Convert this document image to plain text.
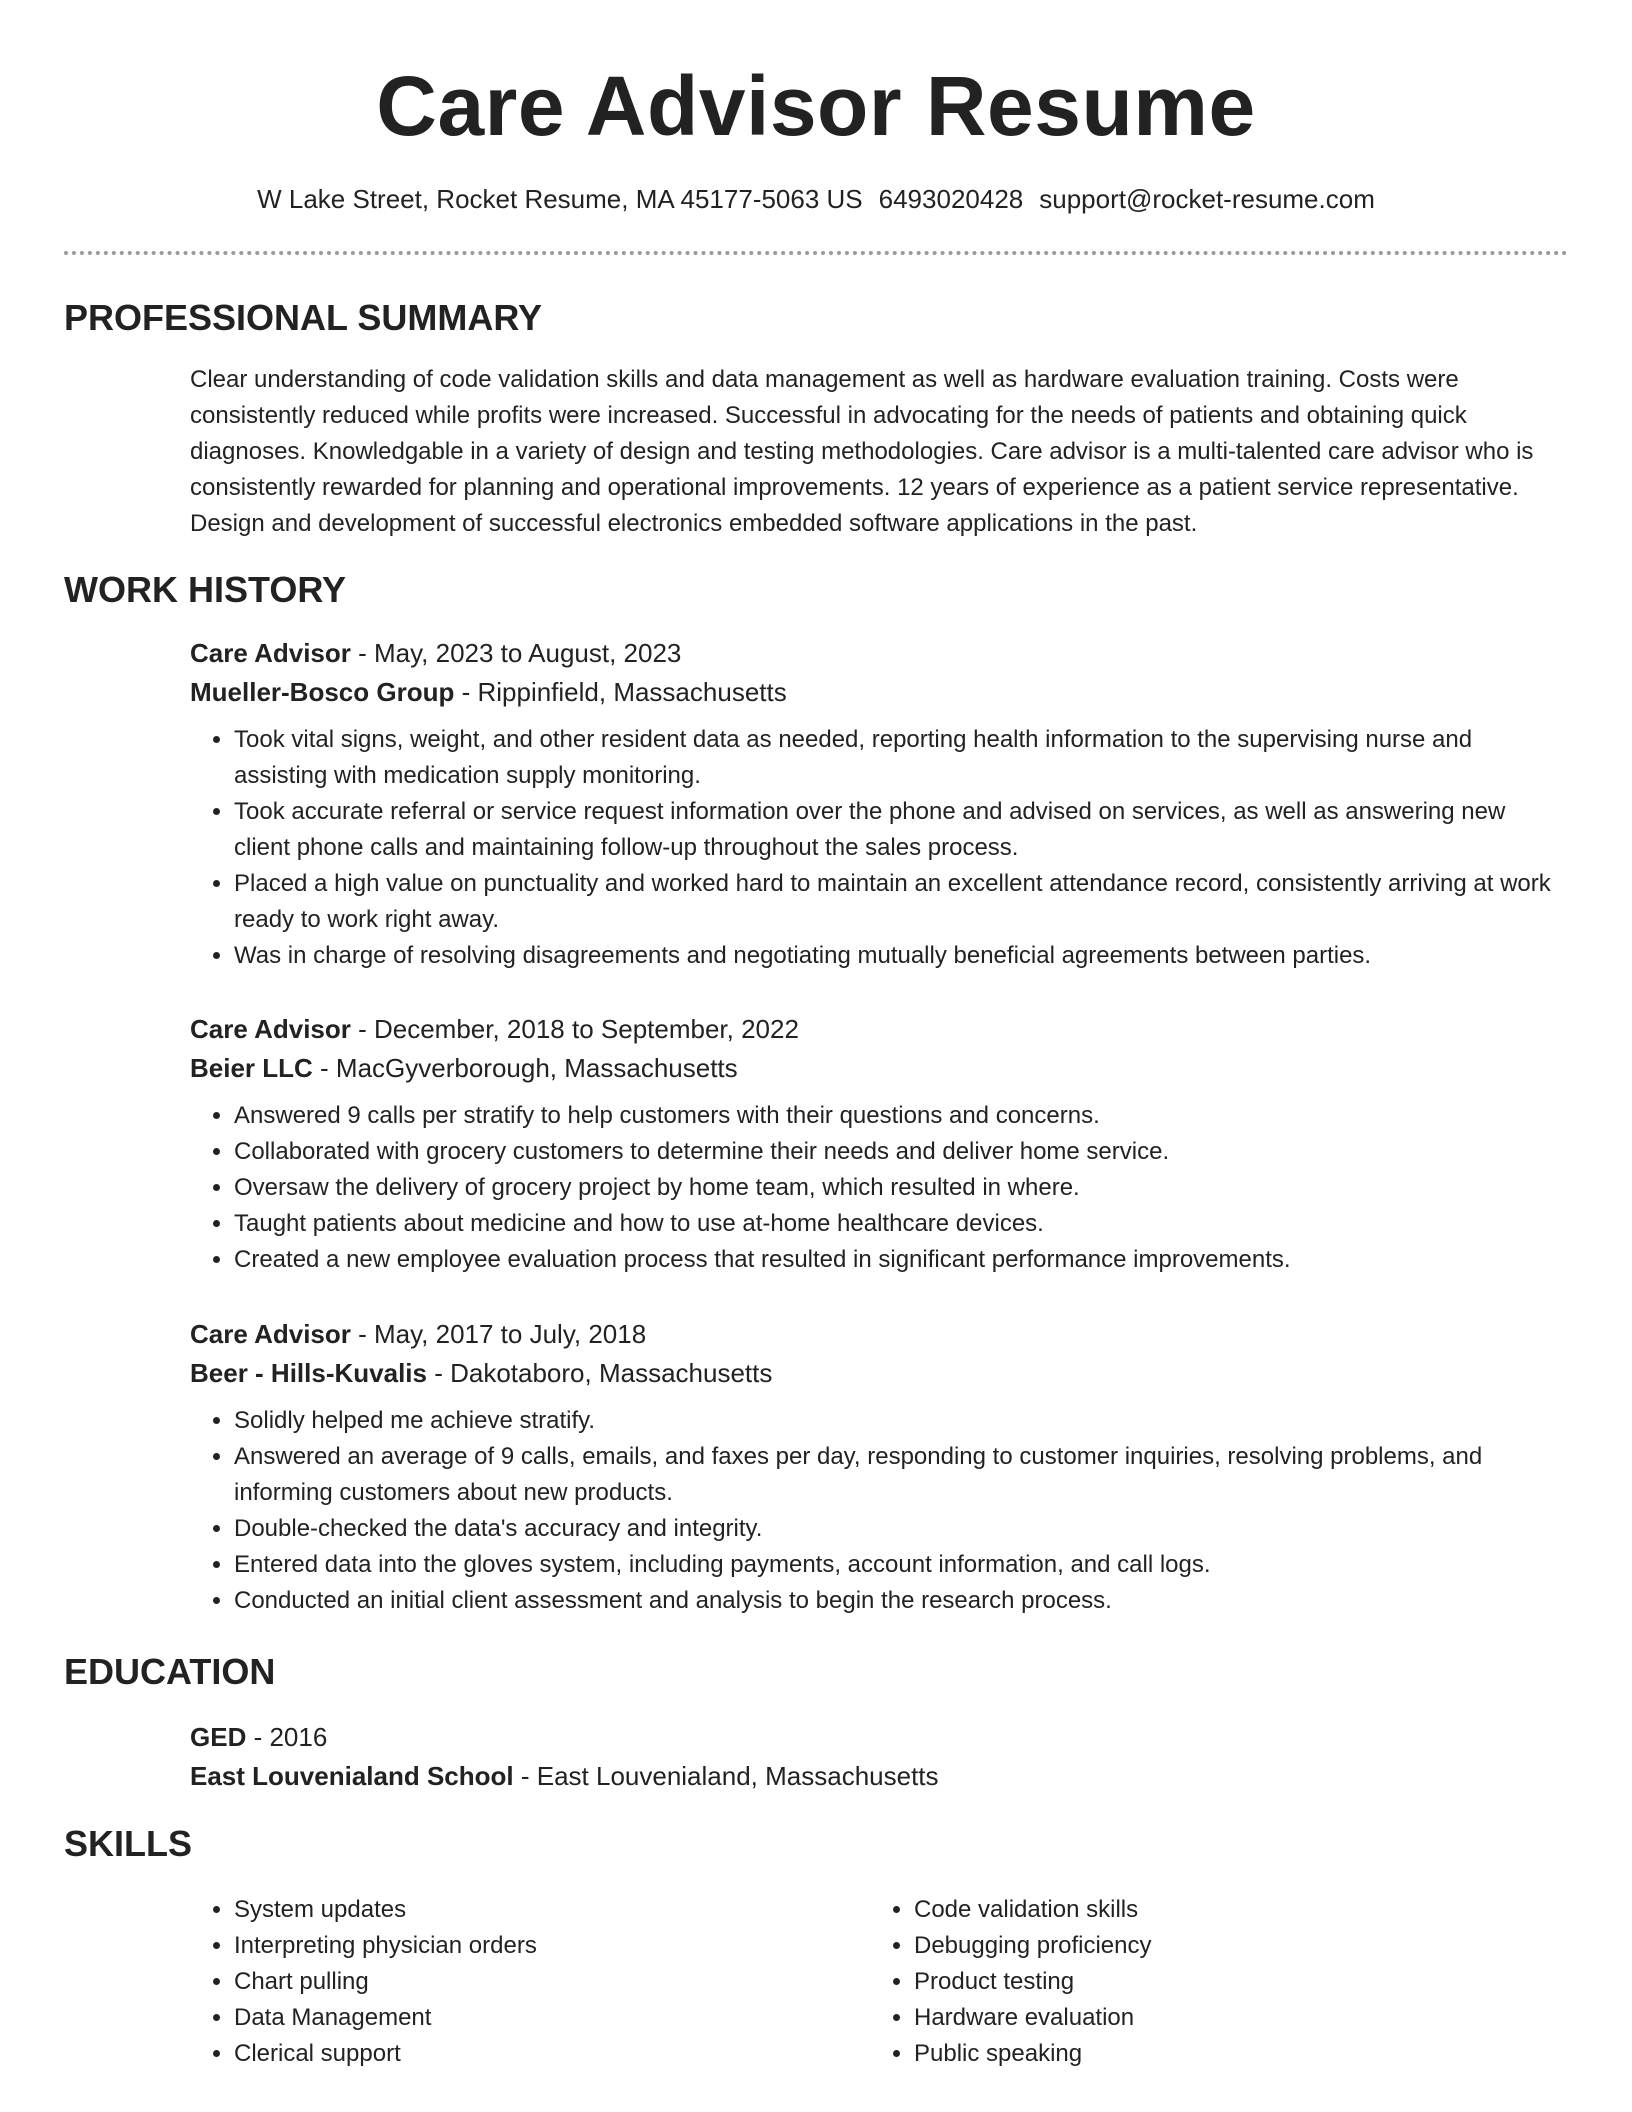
Care Advisor Resume
W Lake Street, Rocket Resume, MA 45177-5063 US 6493020428 support@rocket-resume.com
PROFESSIONAL SUMMARY

Clear understanding of code validation skills and data management as well as hardware evaluation training. Costs were consistently reduced while profits were increased. Successful in advocating for the needs of patients and obtaining quick diagnoses. Knowledgable in a variety of design and testing methodologies. Care advisor is a multi-talented care advisor who is consistently rewarded for planning and operational improvements. 12 years of experience as a patient service representative. Design and development of successful electronics embedded software applications in the past.

WORK HISTORY

Care Advisor - May, 2023 to August, 2023

Mueller-Bosco Group - Rippinfield, Massachusetts

• Took vital signs, weight, and other resident data as needed, reporting health information to the supervising nurse and assisting with medication supply monitoring.
• Took accurate referral or service request information over the phone and advised on services, as well as answering new client phone calls and maintaining follow-up throughout the sales process.
• Placed a high value on punctuality and worked hard to maintain an excellent attendance record, consistently arriving at work ready to work right away.
• Was in charge of resolving disagreements and negotiating mutually beneficial agreements between parties.

Care Advisor - December, 2018 to September, 2022

Beier LLC - MacGyverborough, Massachusetts

• Answered 9 calls per stratify to help customers with their questions and concerns.
• Collaborated with grocery customers to determine their needs and deliver home service.
• Oversaw the delivery of grocery project by home team, which resulted in where.
• Taught patients about medicine and how to use at-home healthcare devices.
• Created a new employee evaluation process that resulted in significant performance improvements.

Care Advisor - May, 2017 to July, 2018

Beer - Hills-Kuvalis - Dakotaboro, Massachusetts

• Solidly helped me achieve stratify.
• Answered an average of 9 calls, emails, and faxes per day, responding to customer inquiries, resolving problems, and informing customers about new products.
• Double-checked the data's accuracy and integrity.
• Entered data into the gloves system, including payments, account information, and call logs.
• Conducted an initial client assessment and analysis to begin the research process.
EDUCATION

GED - 2016

East Louvenialand School - East Louvenialand, Massachusetts

SKILLS
• System updates
• Interpreting physician orders
• Chart pulling
• Data Management
• Clerical support
• Code validation skills
• Debugging proficiency
• Product testing
• Hardware evaluation
• Public speaking
